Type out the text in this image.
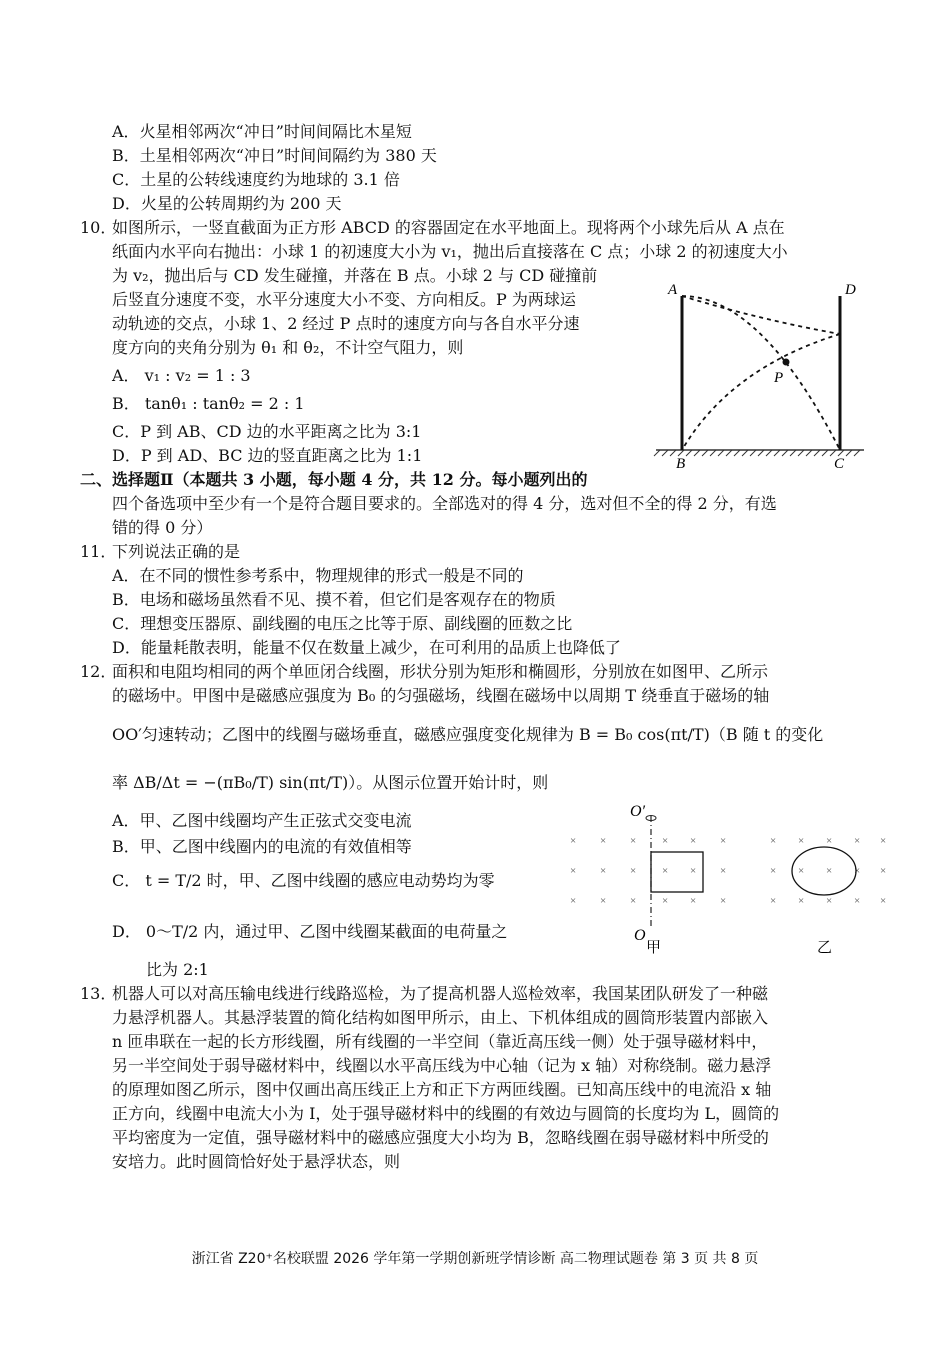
A．火星相邻两次“冲日”时间间隔比木星短
B．土星相邻两次“冲日”时间间隔约为 380 天
C．土星的公转线速度约为地球的 3.1 倍
D．火星的公转周期约为 200 天
10．
如图所示，一竖直截面为正方形 ABCD 的容器固定在水平地面上。现将两个小球先后从 A 点在
纸面内水平向右抛出：小球 1 的初速度大小为 v₁，抛出后直接落在 C 点；小球 2 的初速度大小
为 v₂，抛出后与 CD 发生碰撞，并落在 B 点。小球 2 与 CD 碰撞前
后竖直分速度不变，水平分速度大小不变、方向相反。P 为两球运
动轨迹的交点，小球 1、2 经过 P 点时的速度方向与各自水平分速
度方向的夹角分别为 θ₁ 和 θ₂，不计空气阻力，则
A． v₁ : v₂ = 1 : 3
B． tanθ₁ : tanθ₂ = 2 : 1
C．P 到 AB、CD 边的水平距离之比为 3:1
D．P 到 AD、BC 边的竖直距离之比为 1:1
A	D
P
B	C
二、选择题Ⅱ（本题共 3 小题，每小题 4 分，共 12 分。每小题列出的
四个备选项中至少有一个是符合题目要求的。全部选对的得 4 分，选对但不全的得 2 分，有选
错的得 0 分）
11．
下列说法正确的是
A．在不同的惯性参考系中，物理规律的形式一般是不同的
B．电场和磁场虽然看不见、摸不着，但它们是客观存在的物质
C．理想变压器原、副线圈的电压之比等于原、副线圈的匝数之比
D．能量耗散表明，能量不仅在数量上减少，在可利用的品质上也降低了
12．
面积和电阻均相同的两个单匝闭合线圈，形状分别为矩形和椭圆形，分别放在如图甲、乙所示
的磁场中。甲图中是磁感应强度为 B₀ 的匀强磁场，线圈在磁场中以周期 T 绕垂直于磁场的轴
OO′匀速转动；乙图中的线圈与磁场垂直，磁感应强度变化规律为 B = B₀ cos(πt/T)（B 随 t 的变化
率 ΔB/Δt = −(πB₀/T) sin(πt/T)）。从图示位置开始计时，则
A．甲、乙图中线圈均产生正弦式交变电流
B．甲、乙图中线圈内的电流的有效值相等
C． t = T/2 时，甲、乙图中线圈的感应电动势均为零
D． 0～T/2 内，通过甲、乙图中线圈某截面的电荷量之
比为 2:1
× × × × × ×
× × × × × ×
× × × × × ×
× × × × ×
× × × × ×
× × × × ×
O′
O
甲	乙
13．
机器人可以对高压输电线进行线路巡检，为了提高机器人巡检效率，我国某团队研发了一种磁
力悬浮机器人。其悬浮装置的简化结构如图甲所示，由上、下机体组成的圆筒形装置内部嵌入
n 匝串联在一起的长方形线圈，所有线圈的一半空间（靠近高压线一侧）处于强导磁材料中，
另一半空间处于弱导磁材料中，线圈以水平高压线为中心轴（记为 x 轴）对称绕制。磁力悬浮
的原理如图乙所示，图中仅画出高压线正上方和正下方两匝线圈。已知高压线中的电流沿 x 轴
正方向，线圈中电流大小为 I，处于强导磁材料中的线圈的有效边与圆筒的长度均为 L，圆筒的
平均密度为一定值，强导磁材料中的磁感应强度大小均为 B，忽略线圈在弱导磁材料中所受的
安培力。此时圆筒恰好处于悬浮状态，则
浙江省 Z20⁺名校联盟 2026 学年第一学期创新班学情诊断 高二物理试题卷 第 3 页 共 8 页
